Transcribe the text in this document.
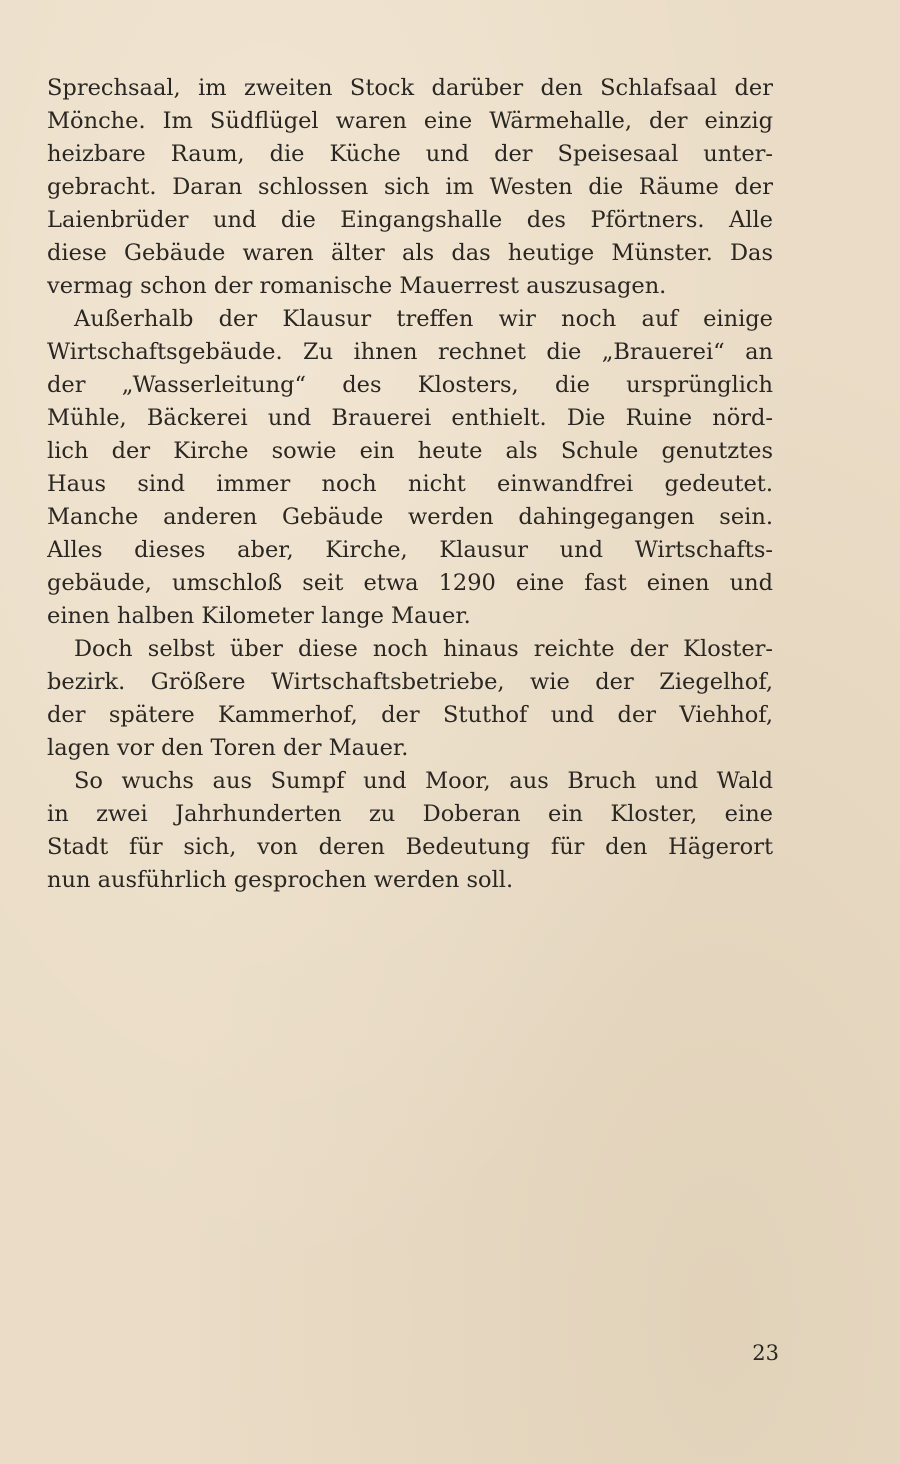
Sprechsaal, im zweiten Stock darüber den Schlafsaal der
Mönche. Im Südflügel waren eine Wärmehalle, der einzig
heizbare Raum, die Küche und der Speisesaal unter-
gebracht. Daran schlossen sich im Westen die Räume der
Laienbrüder und die Eingangshalle des Pförtners. Alle
diese Gebäude waren älter als das heutige Münster. Das
vermag schon der romanische Mauerrest auszusagen.
Außerhalb der Klausur treffen wir noch auf einige
Wirtschaftsgebäude. Zu ihnen rechnet die „Brauerei“ an
der „Wasserleitung“ des Klosters, die ursprünglich
Mühle, Bäckerei und Brauerei enthielt. Die Ruine nörd-
lich der Kirche sowie ein heute als Schule genutztes
Haus sind immer noch nicht einwandfrei gedeutet.
Manche anderen Gebäude werden dahingegangen sein.
Alles dieses aber, Kirche, Klausur und Wirtschafts-
gebäude, umschloß seit etwa 1290 eine fast einen und
einen halben Kilometer lange Mauer.
Doch selbst über diese noch hinaus reichte der Kloster-
bezirk. Größere Wirtschaftsbetriebe, wie der Ziegelhof,
der spätere Kammerhof, der Stuthof und der Viehhof,
lagen vor den Toren der Mauer.
So wuchs aus Sumpf und Moor, aus Bruch und Wald
in zwei Jahrhunderten zu Doberan ein Kloster, eine
Stadt für sich, von deren Bedeutung für den Hägerort
nun ausführlich gesprochen werden soll.
23
